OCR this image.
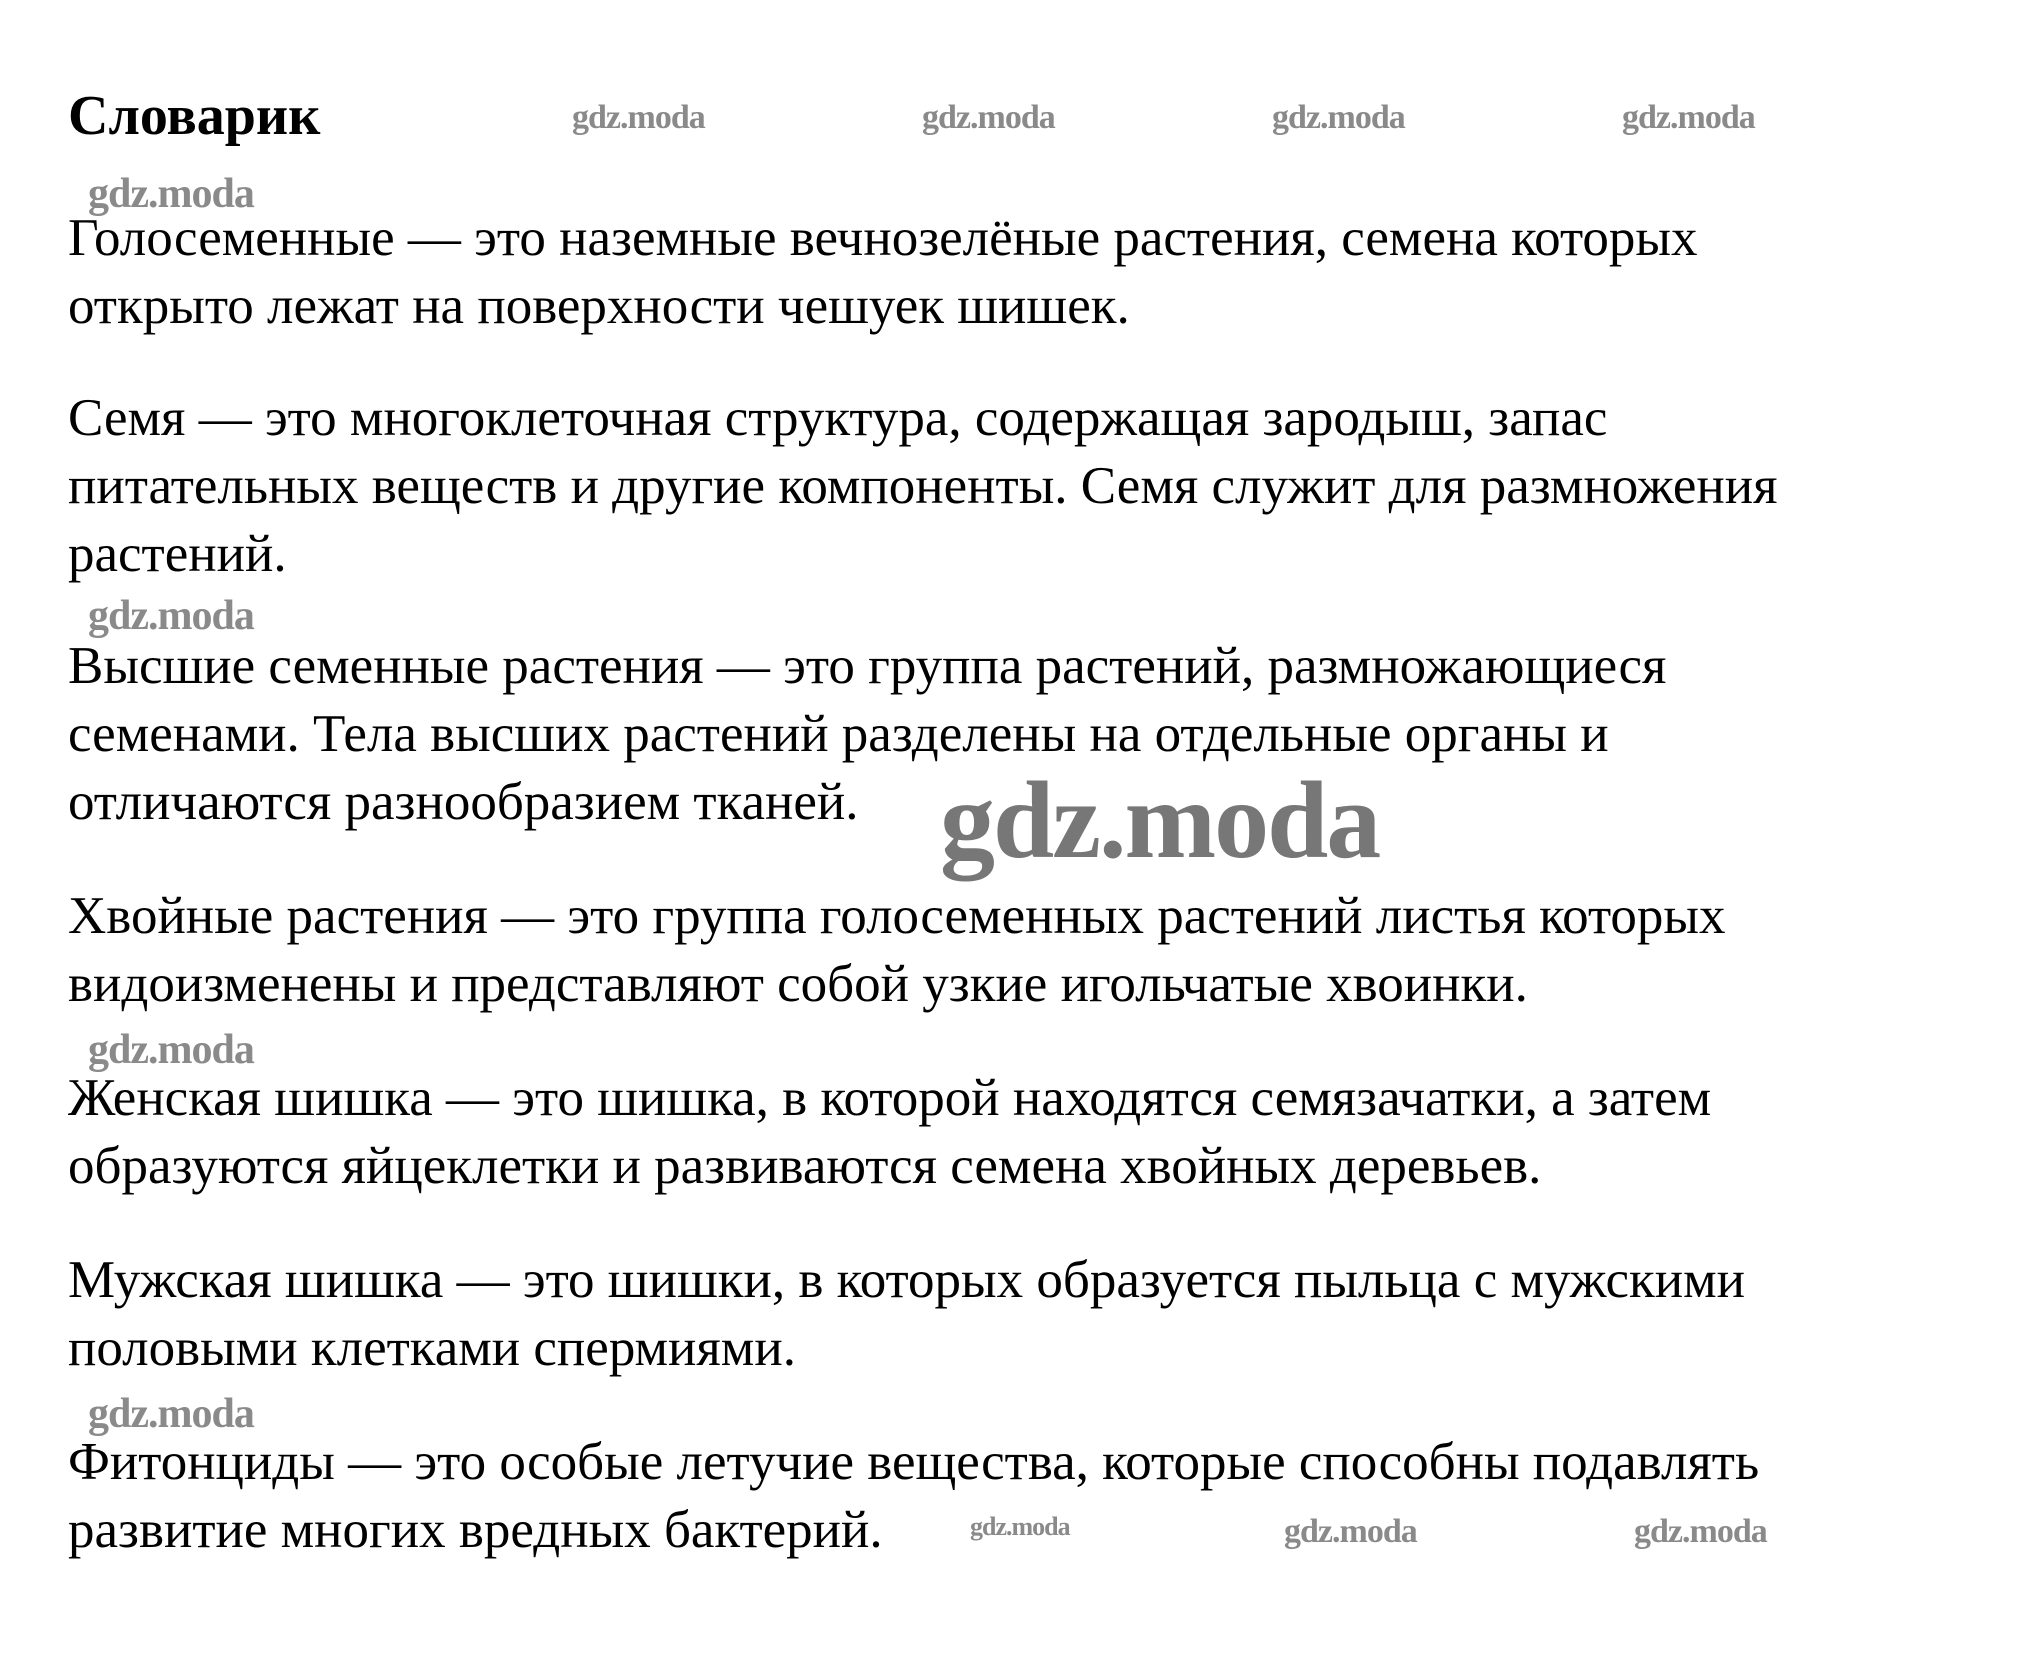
Словарик	gdz.moda	gdz.moda	gdz.moda	gdz.moda
gdz.moda
Голосеменные — это наземные вечнозелёные растения, семена которых
открыто лежат на поверхности чешуек шишек.
Семя — это многоклеточная структура, содержащая зародыш, запас
питательных веществ и другие компоненты. Семя служит для размножения
растений.
gdz.moda
Высшие семенные растения — это группа растений, размножающиеся
семенами. Тела высших растений разделены на отдельные органы и
отличаются разнообразием тканей. gdz.moda
Хвойные растения — это группа голосеменных растений листья которых
видоизменены и представляют собой узкие игольчатые хвоинки.
gdz.moda
Женская шишка — это шишка, в которой находятся семязачатки, а затем
образуются яйцеклетки и развиваются семена хвойных деревьев.
Мужская шишка — это шишки, в которых образуется пыльца с мужскими
половыми клетками спермиями.
gdz.moda
Фитонциды — это особые летучие вещества, которые способны подавлять
развитие многих вредных бактерий.	gdz.moda	gdz.moda	gdz.moda
